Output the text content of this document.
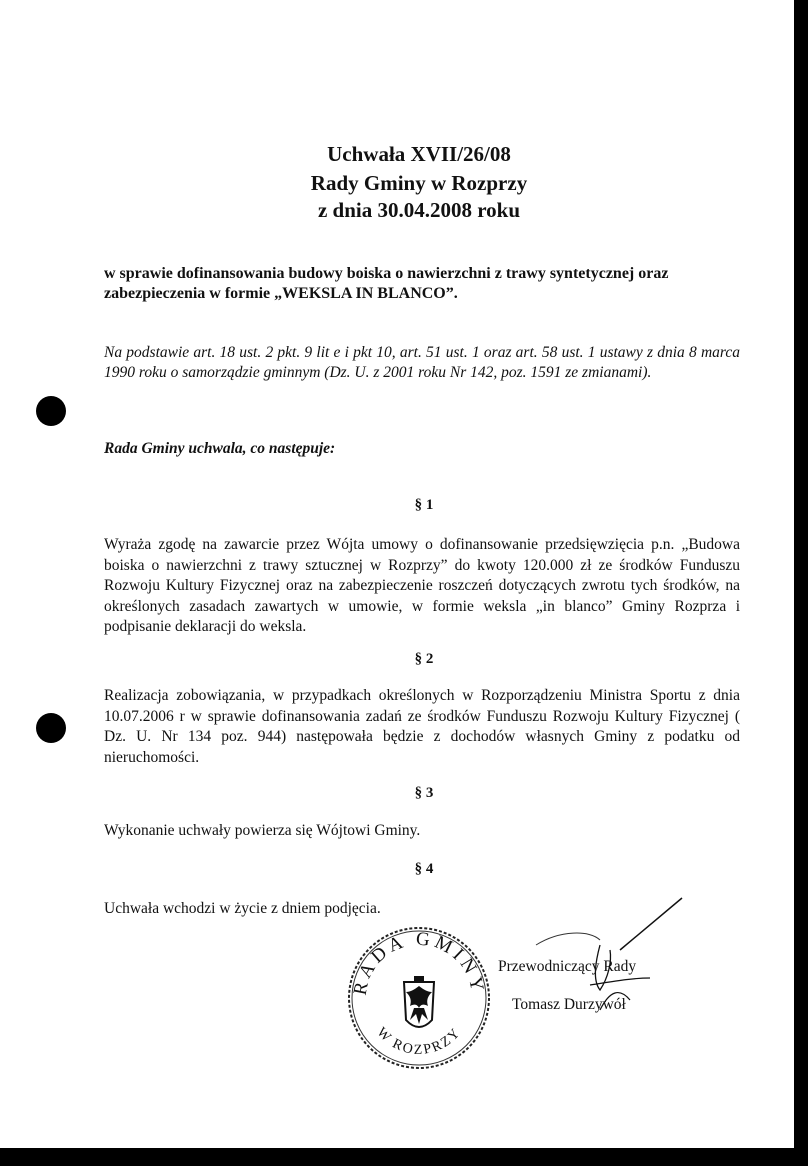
Uchwała XVII/26/08
Rady Gminy w Rozprzy
z dnia 30.04.2008 roku
w sprawie dofinansowania budowy boiska o nawierzchni z trawy syntetycznej oraz zabezpieczenia w formie „WEKSLA IN BLANCO”.
Na podstawie art. 18 ust. 2 pkt. 9 lit e i pkt 10, art. 51 ust. 1 oraz art. 58 ust. 1 ustawy z dnia 8 marca 1990 roku o samorządzie gminnym (Dz. U. z 2001 roku Nr 142, poz. 1591 ze zmianami).
Rada Gminy uchwala, co następuje:
§ 1
Wyraża zgodę na zawarcie przez Wójta umowy o dofinansowanie przedsięwzięcia p.n. „Budowa boiska o nawierzchni z trawy sztucznej w Rozprzy” do kwoty 120.000 zł ze środków Funduszu Rozwoju Kultury Fizycznej oraz na zabezpieczenie roszczeń dotyczących zwrotu tych środków, na określonych zasadach zawartych w umowie, w formie weksla „in blanco” Gminy Rozprza i podpisanie deklaracji do weksla.
§ 2
Realizacja zobowiązania, w przypadkach określonych w Rozporządzeniu Ministra Sportu z dnia 10.07.2006 r w sprawie dofinansowania zadań ze środków Funduszu Rozwoju Kultury Fizycznej ( Dz. U. Nr 134 poz. 944) następowała będzie z dochodów własnych Gminy z podatku od nieruchomości.
§ 3
Wykonanie uchwały powierza się Wójtowi Gminy.
§ 4
Uchwała wchodzi w życie z dniem podjęcia.
RADA GMINY
W ROZPRZY
Przewodniczący Rady
Tomasz Durzywół
